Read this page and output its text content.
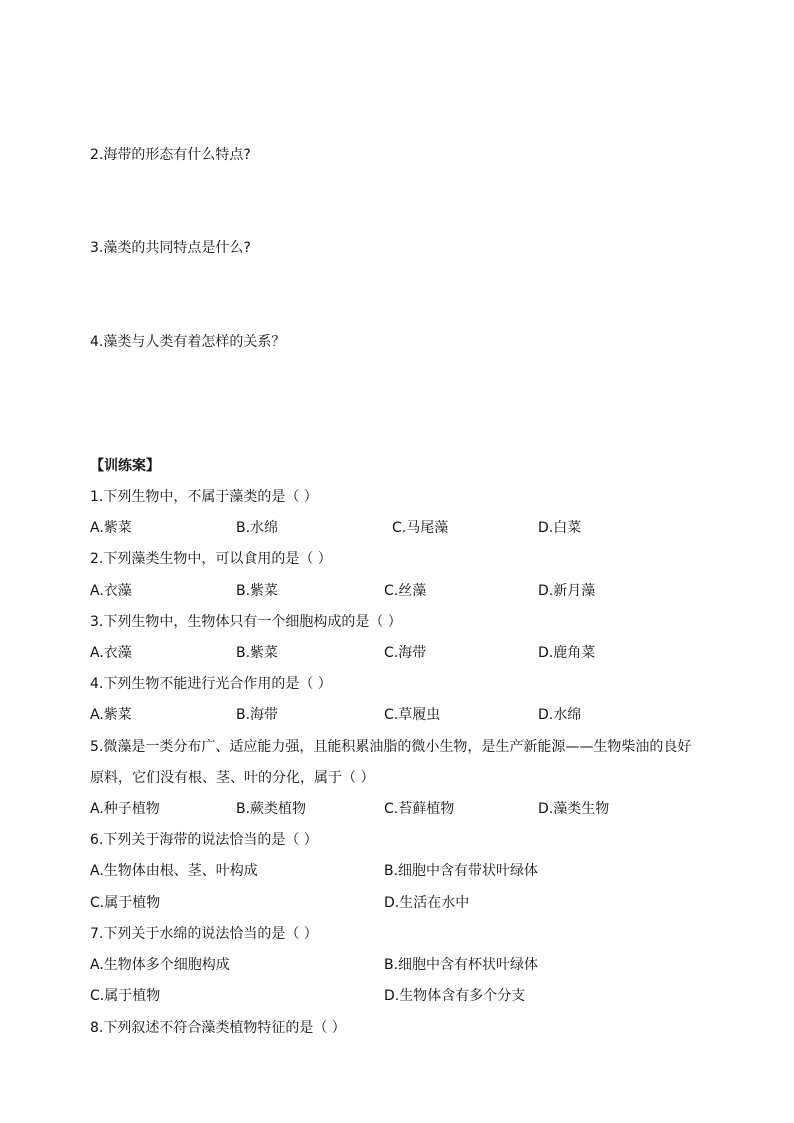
2.海带的形态有什么特点?
3.藻类的共同特点是什么?
4.藻类与人类有着怎样的关系？
【训练案】
1.下列生物中，不属于藻类的是（ ）
A.紫菜	B.水绵	C.马尾藻	D.白菜
2.下列藻类生物中，可以食用的是（ ）
A.衣藻	B.紫菜	C.丝藻	D.新月藻
3.下列生物中，生物体只有一个细胞构成的是（ ）
A.衣藻	B.紫菜	C.海带	D.鹿角菜
4.下列生物不能进行光合作用的是（ ）
A.紫菜	B.海带	C.草履虫	D.水绵
5.微藻是一类分布广、适应能力强，且能积累油脂的微小生物，是生产新能源——生物柴油的良好
原料，它们没有根、茎、叶的分化，属于（ ）
A.种子植物	B.蕨类植物	C.苔藓植物	D.藻类生物
6.下列关于海带的说法恰当的是（ ）
A.生物体由根、茎、叶构成	B.细胞中含有带状叶绿体
C.属于植物	D.生活在水中
7.下列关于水绵的说法恰当的是（ ）
A.生物体多个细胞构成	B.细胞中含有杯状叶绿体
C.属于植物	D.生物体含有多个分支
8.下列叙述不符合藻类植物特征的是（ ）
